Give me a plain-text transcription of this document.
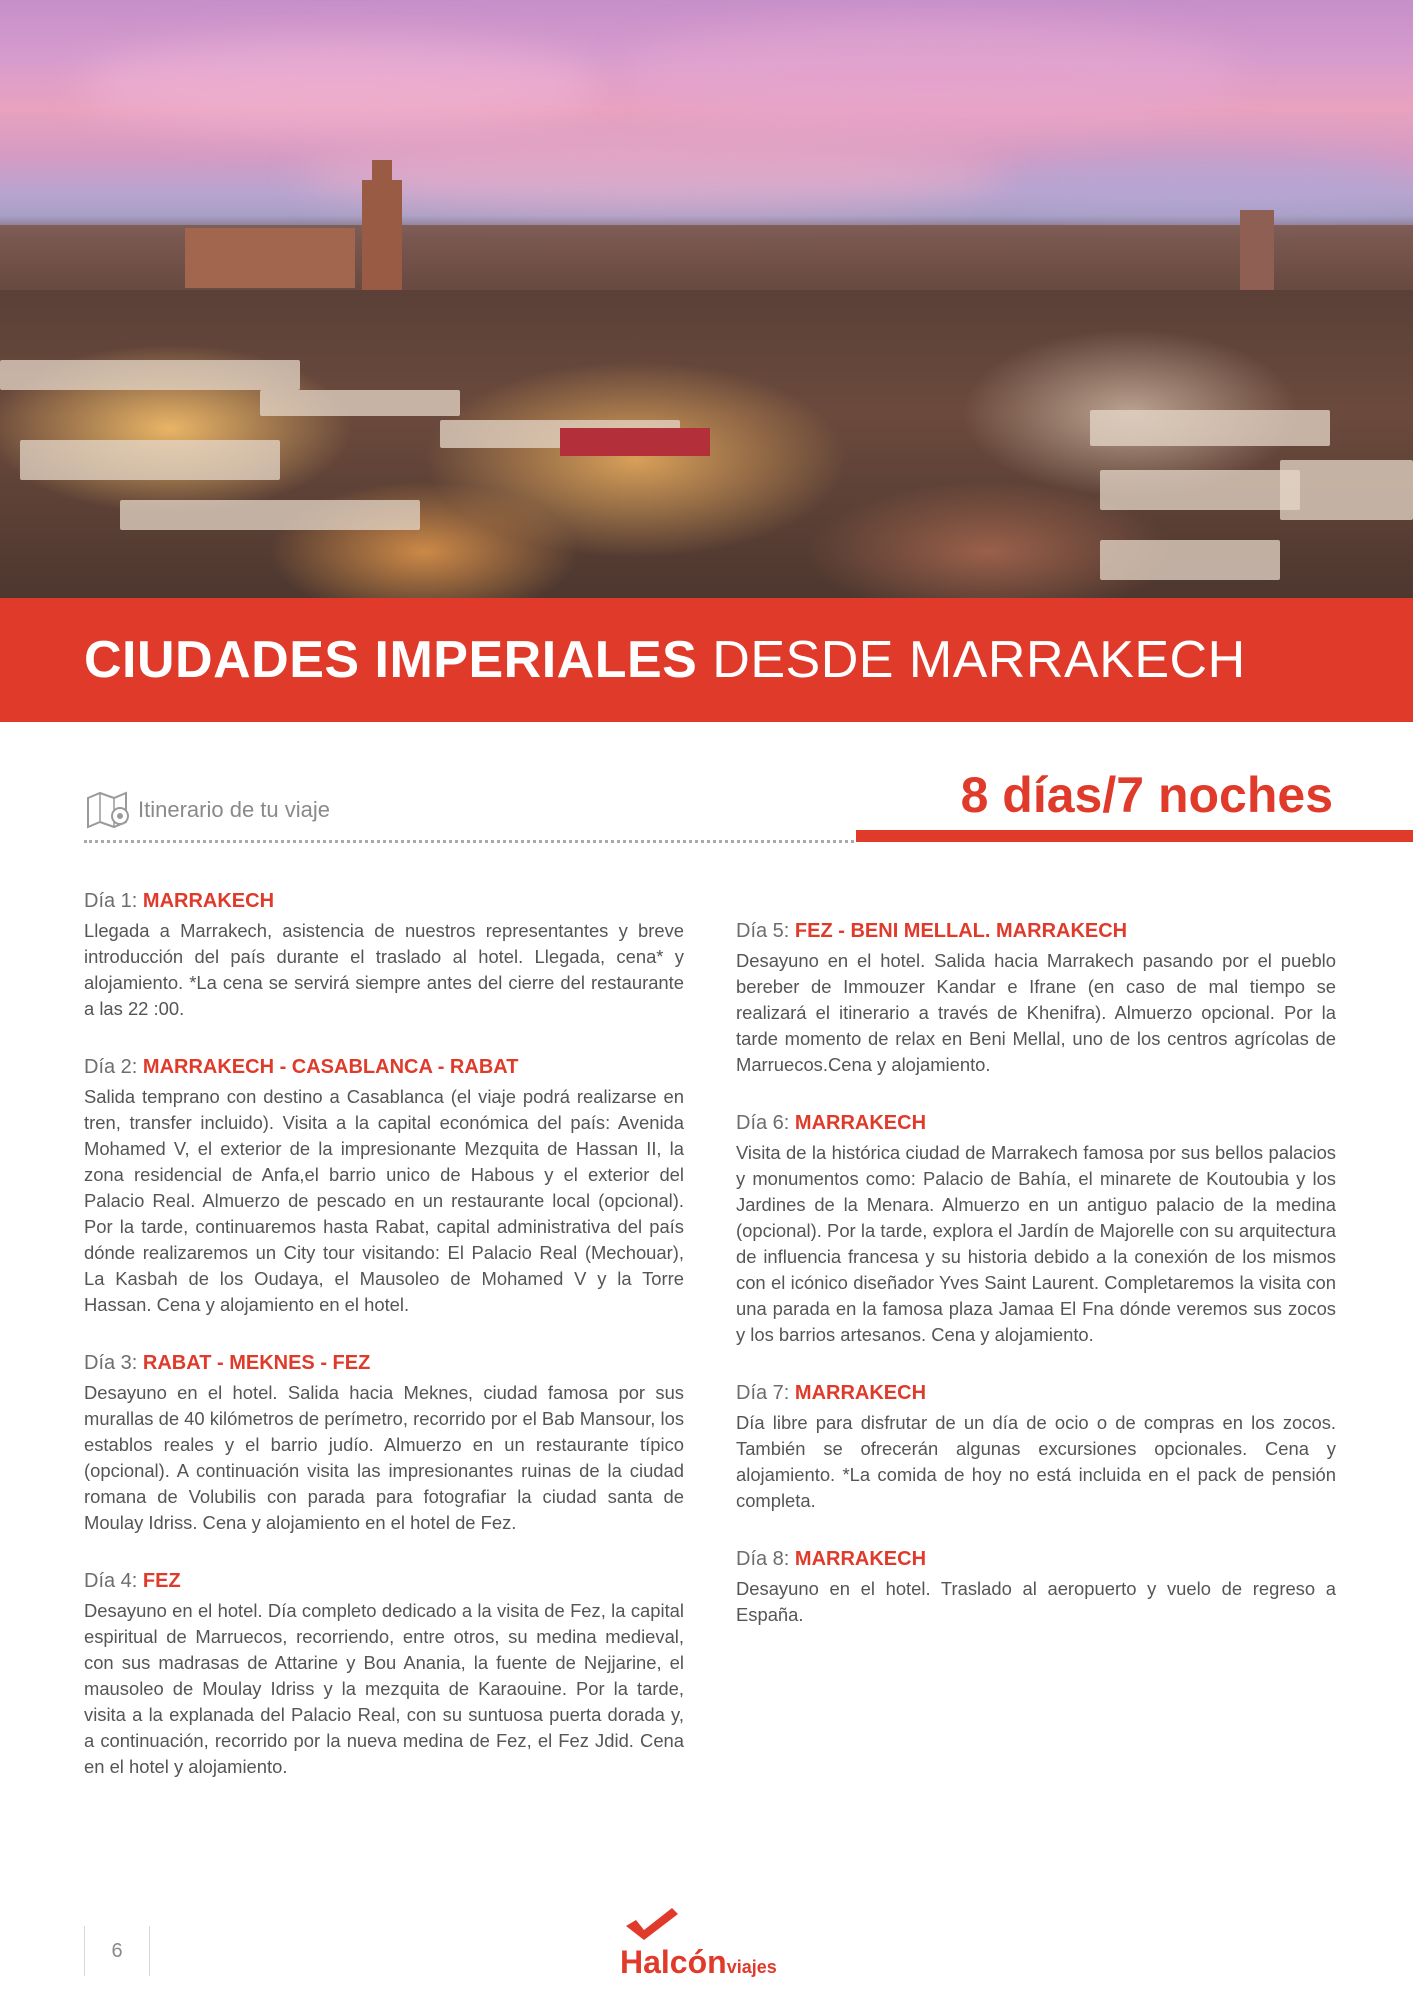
CIUDADES IMPERIALES DESDE MARRAKECH
Itinerario de tu viaje	8 días/7 noches
Día 1: MARRAKECH

Llegada a Marrakech, asistencia de nuestros representantes y breve introducción del país durante el traslado al hotel. Llegada, cena* y alojamiento. *La cena se servirá siempre antes del cierre del restaurante a las 22 :00.

Día 2: MARRAKECH - CASABLANCA - RABAT

Salida temprano con destino a Casablanca (el viaje podrá realizarse en tren, transfer incluido). Visita a la capital económica del país: Avenida Mohamed V, el exterior de la impresionante Mezquita de Hassan II, la zona residencial de Anfa,el barrio unico de Habous y el exterior del Palacio Real. Almuerzo de pescado en un restaurante local (opcional). Por la tarde, continuaremos hasta Rabat, capital administrativa del país dónde realizaremos un City tour visitando: El Palacio Real (Mechouar), La Kasbah de los Oudaya, el Mausoleo de Mohamed V y la Torre Hassan. Cena y alojamiento en el hotel.

Día 3: RABAT - MEKNES - FEZ

Desayuno en el hotel. Salida hacia Meknes, ciudad famosa por sus murallas de 40 kilómetros de perímetro, recorrido por el Bab Mansour, los establos reales y el barrio judío. Almuerzo en un restaurante típico (opcional). A continuación visita las impresionantes ruinas de la ciudad romana de Volubilis con parada para fotografiar la ciudad santa de Moulay Idriss. Cena y alojamiento en el hotel de Fez.

Día 4: FEZ

Desayuno en el hotel. Día completo dedicado a la visita de Fez, la capital espiritual de Marruecos, recorriendo, entre otros, su medina medieval, con sus madrasas de Attarine y Bou Anania, la fuente de Nejjarine, el mausoleo de Moulay Idriss y la mezquita de Karaouine. Por la tarde, visita a la explanada del Palacio Real, con su suntuosa puerta dorada y, a continuación, recorrido por la nueva medina de Fez, el Fez Jdid. Cena en el hotel y alojamiento.

Día 5: FEZ - BENI MELLAL. MARRAKECH

Desayuno en el hotel. Salida hacia Marrakech pasando por el pueblo bereber de Immouzer Kandar e Ifrane (en caso de mal tiempo se realizará el itinerario a través de Khenifra). Almuerzo opcional. Por la tarde momento de relax en Beni Mellal, uno de los centros agrícolas de Marruecos.Cena y alojamiento.

Día 6: MARRAKECH

Visita de la histórica ciudad de Marrakech famosa por sus bellos palacios y monumentos como: Palacio de Bahía, el minarete de Koutoubia y los Jardines de la Menara. Almuerzo en un antiguo palacio de la medina (opcional). Por la tarde, explora el Jardín de Majorelle con su arquitectura de influencia francesa y su historia debido a la conexión de los mismos con el icónico diseñador Yves Saint Laurent. Completaremos la visita con una parada en la famosa plaza Jamaa El Fna dónde veremos sus zocos y los barrios artesanos. Cena y alojamiento.

Día 7: MARRAKECH

Día libre para disfrutar de un día de ocio o de compras en los zocos. También se ofrecerán algunas excursiones opcionales. Cena y alojamiento. *La comida de hoy no está incluida en el pack de pensión completa.

Día 8: MARRAKECH

Desayuno en el hotel. Traslado al aeropuerto y vuelo de regreso a España.

6	Halcónviajes
